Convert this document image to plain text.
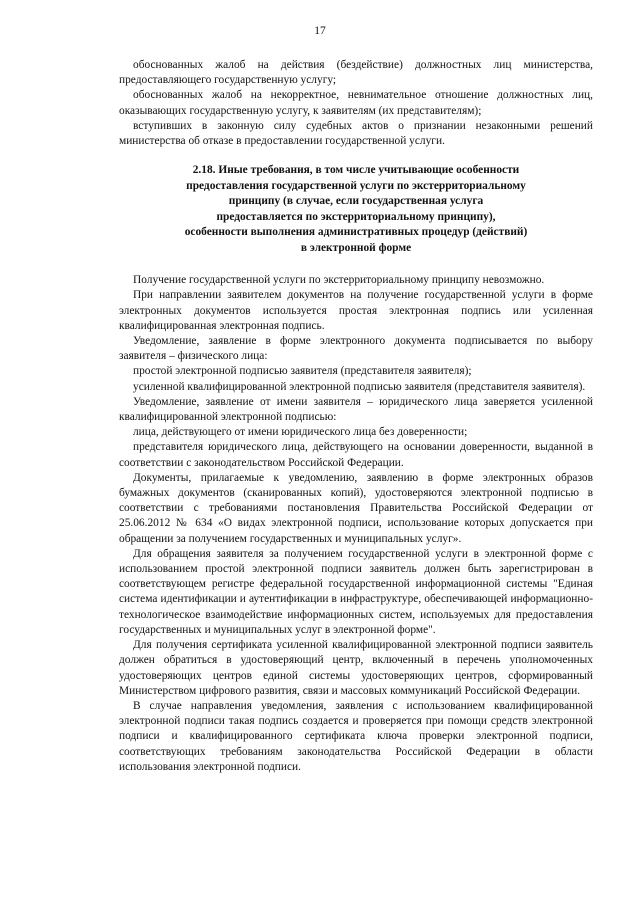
17

обоснованных жалоб на действия (бездействие) должностных лиц министерства, предоставляющего государственную услугу;

обоснованных жалоб на некорректное, невнимательное отношение должностных лиц, оказывающих государственную услугу, к заявителям (их представителям);

вступивших в законную силу судебных актов о признании незаконными решений министерства об отказе в предоставлении государственной услуги.

2.18. Иные требования, в том числе учитывающие особенности
предоставления государственной услуги по экстерриториальному
принципу (в случае, если государственная услуга
предоставляется по экстерриториальному принципу),
особенности выполнения административных процедур (действий)
в электронной форме

Получение государственной услуги по экстерриториальному принципу невозможно.

При направлении заявителем документов на получение государственной услуги в форме электронных документов используется простая электронная подпись или усиленная квалифицированная электронная подпись.

Уведомление, заявление в форме электронного документа подписывается по выбору заявителя – физического лица:

простой электронной подписью заявителя (представителя заявителя);

усиленной квалифицированной электронной подписью заявителя (представителя заявителя).

Уведомление, заявление от имени заявителя – юридического лица заверяется усиленной квалифицированной электронной подписью:

лица, действующего от имени юридического лица без доверенности;

представителя юридического лица, действующего на основании доверенности, выданной в соответствии с законодательством Российской Федерации.

Документы, прилагаемые к уведомлению, заявлению в форме электронных образов бумажных документов (сканированных копий), удостоверяются электронной подписью в соответствии с требованиями постановления Правительства Российской Федерации от 25.06.2012 № 634 «О видах электронной подписи, использование которых допускается при обращении за получением государственных и муниципальных услуг».

Для обращения заявителя за получением государственной услуги в электронной форме с использованием простой электронной подписи заявитель должен быть зарегистрирован в соответствующем регистре федеральной государственной информационной системы "Единая система идентификации и аутентификации в инфраструктуре, обеспечивающей информационно-технологическое взаимодействие информационных систем, используемых для предоставления государственных и муниципальных услуг в электронной форме".

Для получения сертификата усиленной квалифицированной электронной подписи заявитель должен обратиться в удостоверяющий центр, включенный в перечень уполномоченных удостоверяющих центров единой системы удостоверяющих центров, сформированный Министерством цифрового развития, связи и массовых коммуникаций Российской Федерации.

В случае направления уведомления, заявления с использованием квалифицированной электронной подписи такая подпись создается и проверяется при помощи средств электронной подписи и квалифицированного сертификата ключа проверки электронной подписи, соответствующих требованиям законодательства Российской Федерации в области использования электронной подписи.
